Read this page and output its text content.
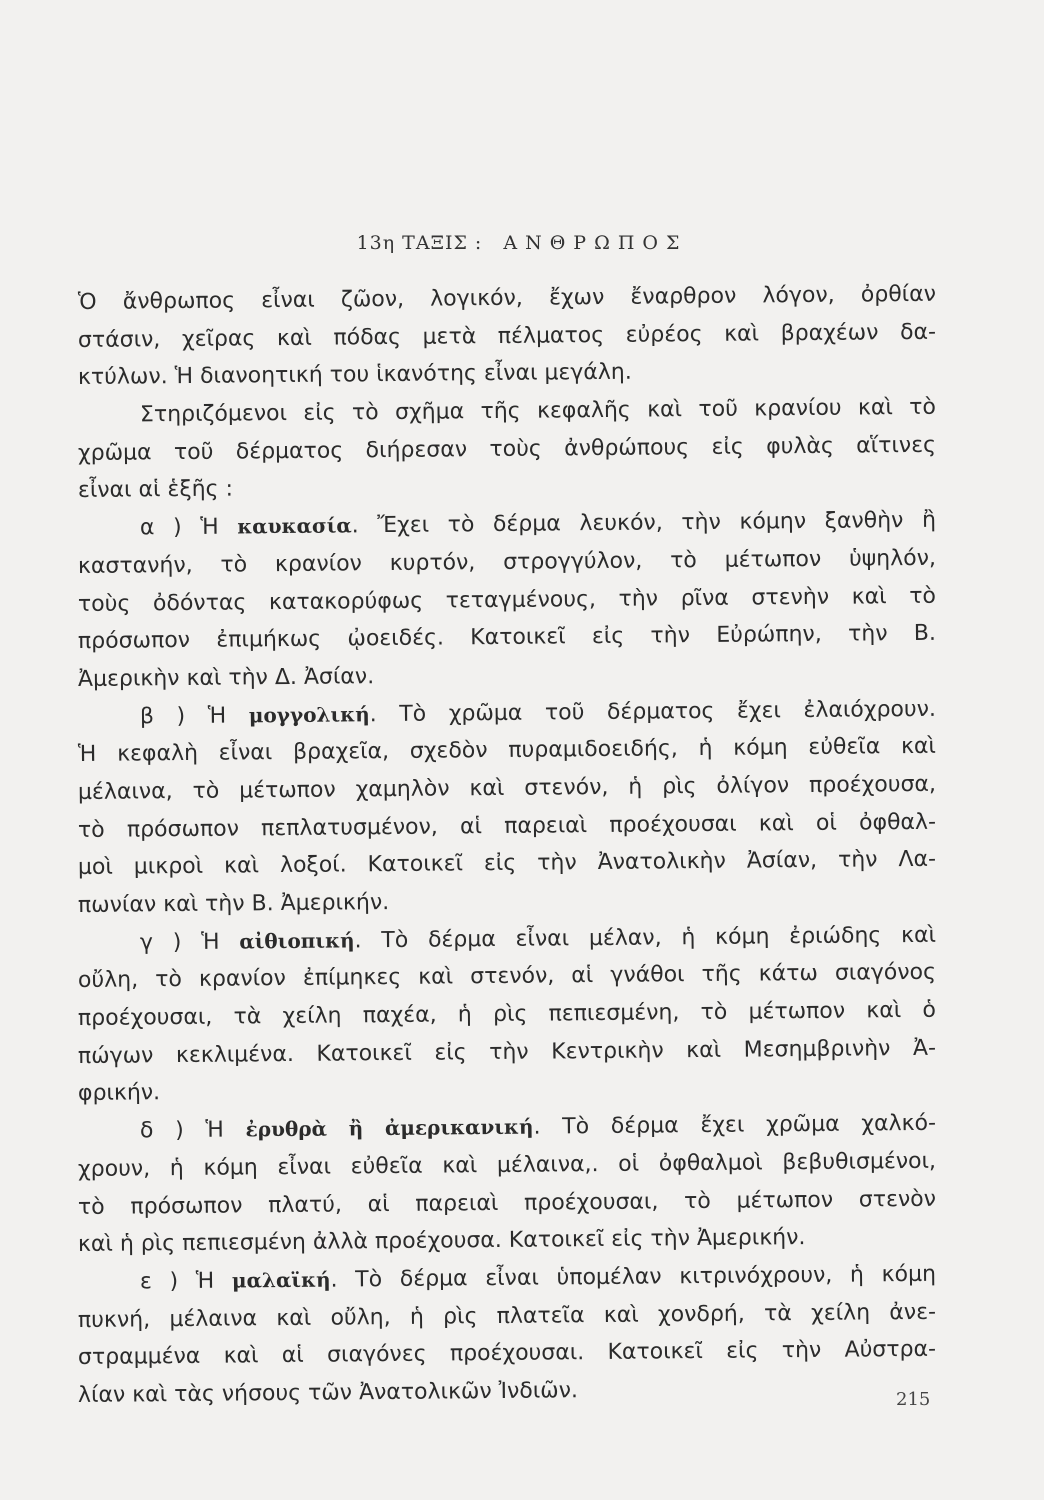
13η ΤΑΞΙΣ : ΑΝΘΡΩΠΟΣ
Ὁ ἄνθρωπος εἶναι ζῶον, λογικόν, ἔχων ἔναρθρον λόγον, ὀρθίαν
στάσιν, χεῖρας καὶ πόδας μετὰ πέλματος εὐρέος καὶ βραχέων δα-
κτύλων. Ἡ διανοητική του ἱκανότης εἶναι μεγάλη.
Στηριζόμενοι εἰς τὸ σχῆμα τῆς κεφαλῆς καὶ τοῦ κρανίου καὶ τὸ
χρῶμα τοῦ δέρματος διήρεσαν τοὺς ἀνθρώπους εἰς φυλὰς αἵτινες
εἶναι αἱ ἑξῆς :
α ) Ἡ καυκασία. Ἔχει τὸ δέρμα λευκόν, τὴν κόμην ξανθὴν ἢ
καστανήν, τὸ κρανίον κυρτόν, στρογγύλον, τὸ μέτωπον ὑψηλόν,
τοὺς ὀδόντας κατακορύφως τεταγμένους, τὴν ρῖνα στενὴν καὶ τὸ
πρόσωπον ἐπιμήκως ᾠοειδές. Κατοικεῖ εἰς τὴν Εὐρώπην, τὴν Β.
Ἀμερικὴν καὶ τὴν Δ. Ἀσίαν.
β ) Ἡ μογγολική. Τὸ χρῶμα τοῦ δέρματος ἔχει ἐλαιόχρουν.
Ἡ κεφαλὴ εἶναι βραχεῖα, σχεδὸν πυραμιδοειδής, ἡ κόμη εὐθεῖα καὶ
μέλαινα, τὸ μέτωπον χαμηλὸν καὶ στενόν, ἡ ρὶς ὀλίγον προέχουσα,
τὸ πρόσωπον πεπλατυσμένον, αἱ παρειαὶ προέχουσαι καὶ οἱ ὀφθαλ-
μοὶ μικροὶ καὶ λοξοί. Κατοικεῖ εἰς τὴν Ἀνατολικὴν Ἀσίαν, τὴν Λα-
πωνίαν καὶ τὴν Β. Ἀμερικήν.
γ ) Ἡ αἰθιοπική. Τὸ δέρμα εἶναι μέλαν, ἡ κόμη ἐριώδης καὶ
οὔλη, τὸ κρανίον ἐπίμηκες καὶ στενόν, αἱ γνάθοι τῆς κάτω σιαγόνος
προέχουσαι, τὰ χείλη παχέα, ἡ ρὶς πεπιεσμένη, τὸ μέτωπον καὶ ὁ
πώγων κεκλιμένα. Κατοικεῖ εἰς τὴν Κεντρικὴν καὶ Μεσημβρινὴν Ἀ-
φρικήν.
δ ) Ἡ ἐρυθρὰ ἢ ἀμερικανική. Τὸ δέρμα ἔχει χρῶμα χαλκό-
χρουν, ἡ κόμη εἶναι εὐθεῖα καὶ μέλαινα,. οἱ ὀφθαλμοὶ βεβυθισμένοι,
τὸ πρόσωπον πλατύ, αἱ παρειαὶ προέχουσαι, τὸ μέτωπον στενὸν
καὶ ἡ ρὶς πεπιεσμένη ἀλλὰ προέχουσα. Κατοικεῖ εἰς τὴν Ἀμερικήν.
ε ) Ἡ μαλαϊκή. Τὸ δέρμα εἶναι ὑπομέλαν κιτρινόχρουν, ἡ κόμη
πυκνή, μέλαινα καὶ οὔλη, ἡ ρὶς πλατεῖα καὶ χονδρή, τὰ χείλη ἀνε-
στραμμένα καὶ αἱ σιαγόνες προέχουσαι. Κατοικεῖ εἰς τὴν Αὐστρα-
λίαν καὶ τὰς νήσους τῶν Ἀνατολικῶν Ἰνδιῶν.	215
